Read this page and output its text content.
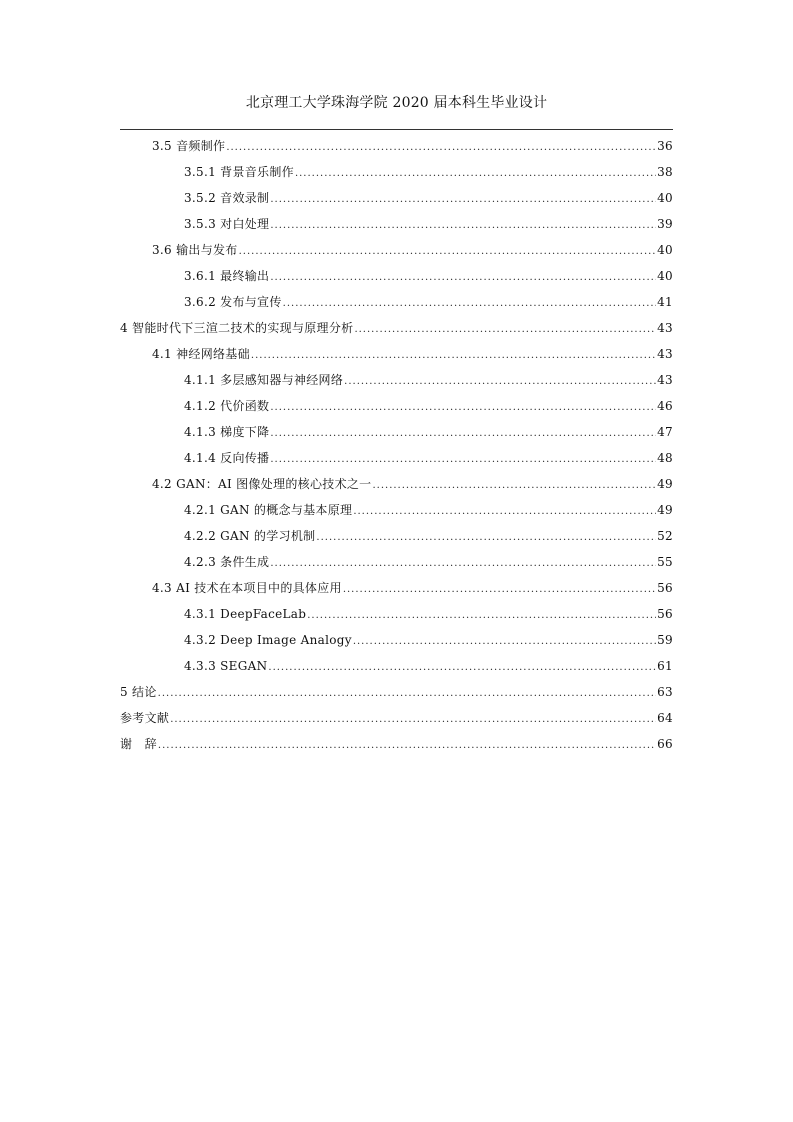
北京理工大学珠海学院 2020 届本科生毕业设计
3.5 音频制作 .....	36
3.5.1 背景音乐制作 .....	38
3.5.2 音效录制 .....	40
3.5.3 对白处理 .....	39
3.6 输出与发布 .....	40
3.6.1 最终输出 .....	40
3.6.2 发布与宣传 .....	41
4 智能时代下三渲二技术的实现与原理分析 .....	43
4.1 神经网络基础 .....	43
4.1.1 多层感知器与神经网络 .....	43
4.1.2 代价函数 .....	46
4.1.3 梯度下降 .....	47
4.1.4 反向传播 .....	48
4.2 GAN：AI 图像处理的核心技术之一 .....	49
4.2.1 GAN 的概念与基本原理 .....	49
4.2.2 GAN 的学习机制 .....	52
4.2.3 条件生成 .....	55
4.3 AI 技术在本项目中的具体应用 .....	56
4.3.1 DeepFaceLab .....	56
4.3.2 Deep Image Analogy .....	59
4.3.3 SEGAN .....	61
5 结论 .....	63
参考文献 .....	64
谢　辞 .....	66
